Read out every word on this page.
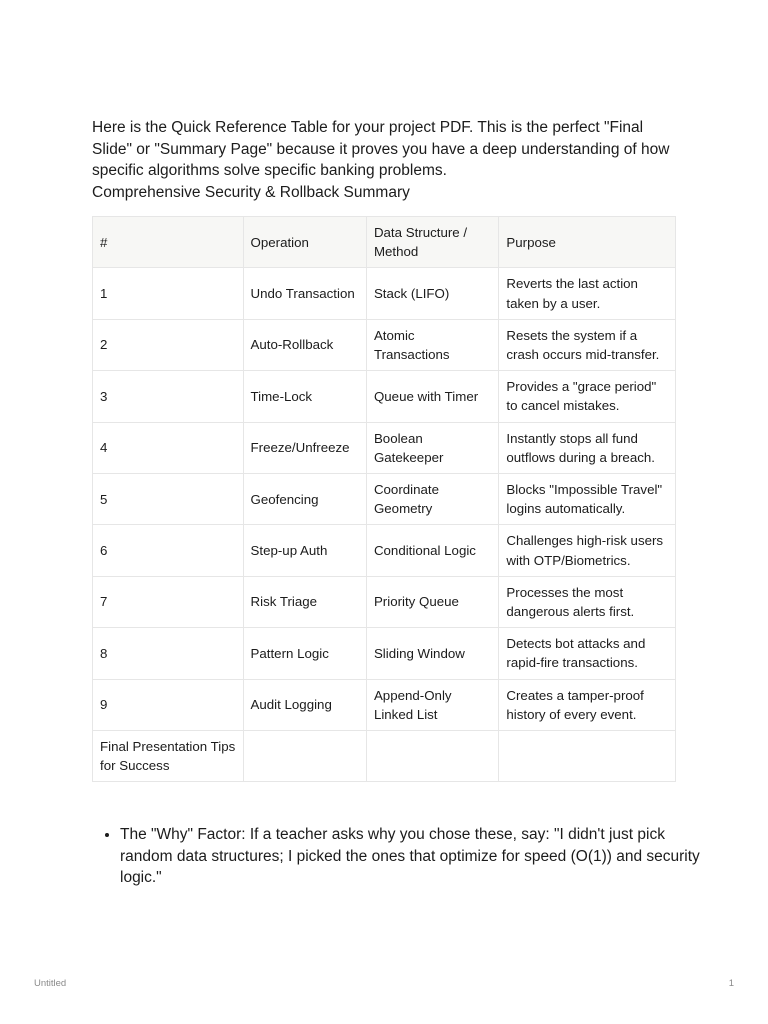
Here is the Quick Reference Table for your project PDF. This is the perfect "Final Slide" or "Summary Page" because it proves you have a deep understanding of how specific algorithms solve specific banking problems.

Comprehensive Security & Rollback Summary

#	Operation	Data Structure / Method	Purpose
1	Undo Transaction	Stack (LIFO)	Reverts the last action taken by a user.
2	Auto-Rollback	Atomic Transactions	Resets the system if a crash occurs mid-transfer.
3	Time-Lock	Queue with Timer	Provides a "grace period" to cancel mistakes.
4	Freeze/Unfreeze	Boolean Gatekeeper	Instantly stops all fund outflows during a breach.
5	Geofencing	Coordinate Geometry	Blocks "Impossible Travel" logins automatically.
6	Step-up Auth	Conditional Logic	Challenges high-risk users with OTP/Biometrics.
7	Risk Triage	Priority Queue	Processes the most dangerous alerts first.
8	Pattern Logic	Sliding Window	Detects bot attacks and rapid-fire transactions.
9	Audit Logging	Append-Only Linked List	Creates a tamper-proof history of every event.
Final Presentation Tips for Success			
• The "Why" Factor: If a teacher asks why you chose these, say: "I didn't just pick random data structures; I picked the ones that optimize for speed (O(1)) and security logic."
Untitled	1
